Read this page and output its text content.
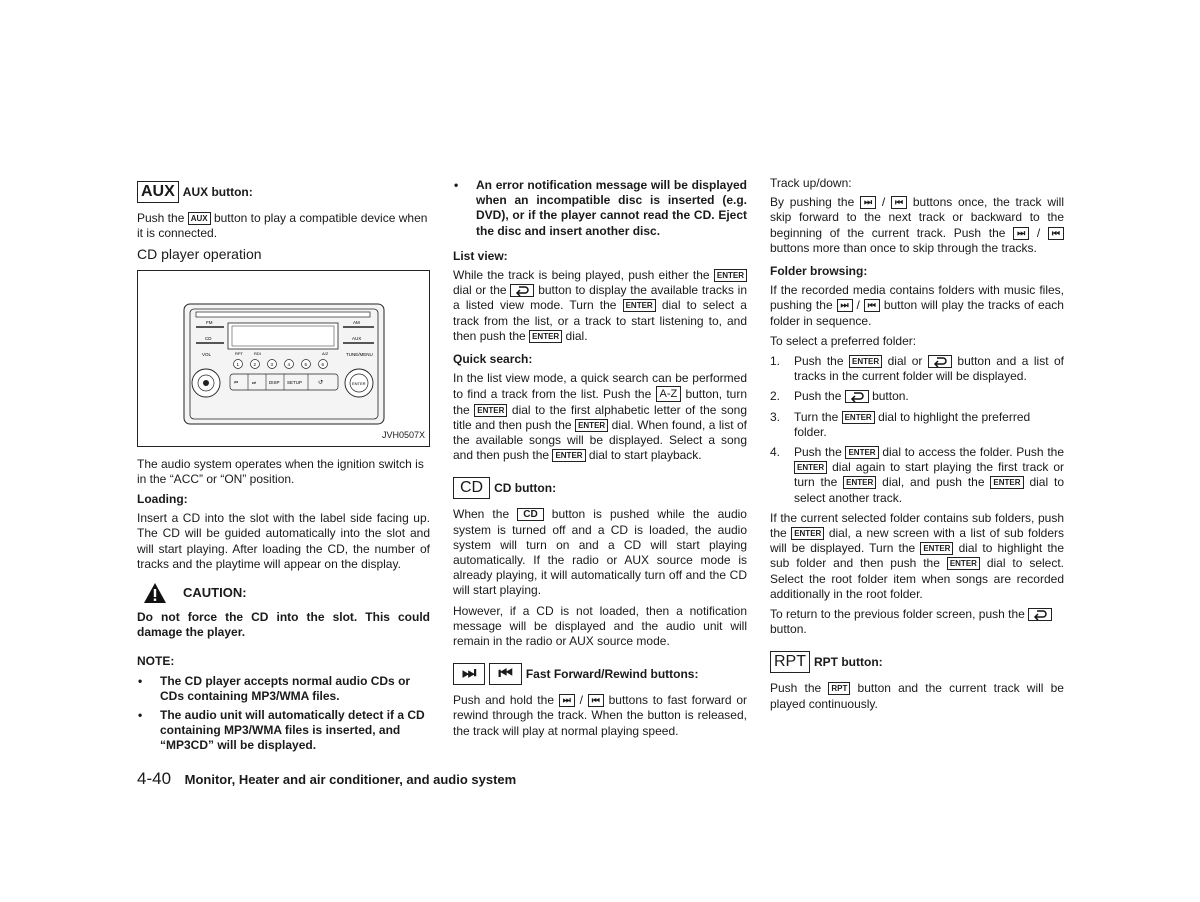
AUX AUX button:

Push the AUX button to play a compatible device when it is connected.

CD player operation
FM	AM
CD	AUX
VOL	RPT	RDI	A/Z	TUNE/MENU
1	2	3	4	5	6
ENTER
⏮	⏭	DISP SETUP	↺
JVH0507X

The audio system operates when the ignition switch is in the “ACC” or “ON” position.

Loading:

Insert a CD into the slot with the label side facing up. The CD will be guided automatically into the slot and will start playing. After loading the CD, the number of tracks and the playtime will appear on the display.

CAUTION:

Do not force the CD into the slot. This could damage the player.

NOTE:

• The CD player accepts normal audio CDs or CDs containing MP3/WMA files.
• The audio unit will automatically detect if a CD containing MP3/WMA files is inserted, and “MP3CD” will be displayed.
• An error notification message will be displayed when an incompatible disc is inserted (e.g. DVD), or if the player cannot read the CD. Eject the disc and insert another disc.

List view:

While the track is being played, push either the ENTER dial or the	button to display the available tracks in a listed view mode. Turn the ENTER dial to select a track from the list, or a track to start listening to, and then push the ENTER dial.

Quick search:

In the list view mode, a quick search can be performed to find a track from the list. Push the A-Z button, turn the ENTER dial to the first alphabetic letter of the song title and then push the ENTER dial. When found, a list of the available songs will be displayed. Select a song and then push the ENTER dial to start playback.

CD CD button:

When the CD button is pushed while the audio system is turned off and a CD is loaded, the audio system will turn on and a CD will start playing automatically. If the radio or AUX source mode is already playing, it will automatically turn off and the CD will start playing.

However, if a CD is not loaded, then a notification message will be displayed and the audio unit will remain in the radio or AUX source mode.

⏭	⏮	Fast Forward/Rewind buttons:

Push and hold the ⏭ / ⏮ buttons to fast forward or rewind through the track. When the button is released, the track will play at normal playing speed.

Track up/down:

By pushing the ⏭ / ⏮ buttons once, the track will skip forward to the next track or backward to the beginning of the current track. Push the ⏭ / ⏮ buttons more than once to skip through the tracks.

Folder browsing:

If the recorded media contains folders with music files, pushing the ⏭ / ⏮ button will play the tracks of each folder in sequence.

To select a preferred folder:

1. Push the ENTER dial or	button and a list of tracks in the current folder will be displayed.
2. Push the	button.
3. Turn the ENTER dial to highlight the preferred folder.
4. Push the ENTER dial to access the folder. Push the ENTER dial again to start playing the first track or turn the ENTER dial, and push the ENTER dial to select another track.

If the current selected folder contains sub folders, push the ENTER dial, a new screen with a list of sub folders will be displayed. Turn the ENTER dial to highlight the sub folder and then push the ENTER dial to select. Select the root folder item when songs are recorded additionally in the root folder.

To return to the previous folder screen, push the
button.

RPT RPT button:

Push the RPT button and the current track will be played continuously.

4-40 Monitor, Heater and air conditioner, and audio system
